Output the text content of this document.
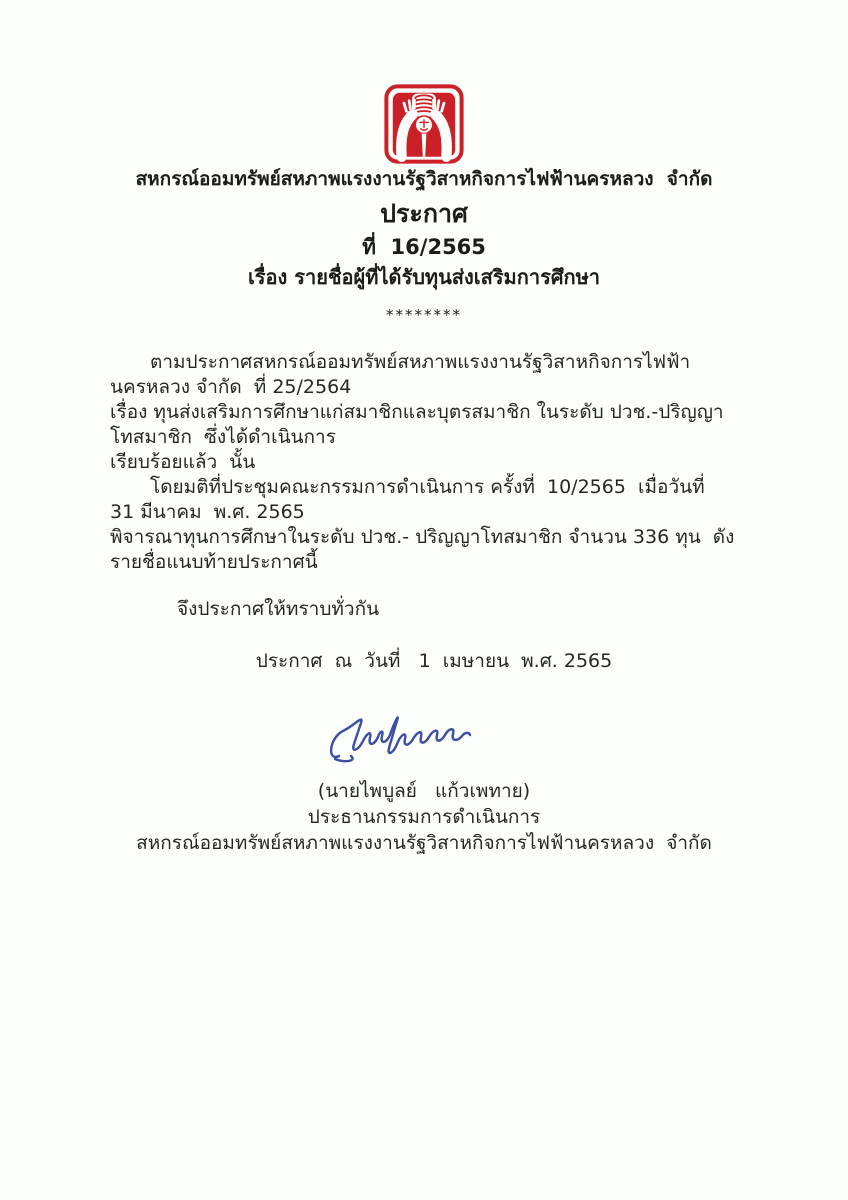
สหกรณ์ออมทรัพย์สหภาพแรงงานรัฐวิสาหกิจการไฟฟ้านครหลวง  จำกัด
ประกาศ
ที่  16/2565
เรื่อง รายชื่อผู้ที่ได้รับทุนส่งเสริมการศึกษา
********
ตามประกาศสหกรณ์ออมทรัพย์สหภาพแรงงานรัฐวิสาหกิจการไฟฟ้านครหลวง จำกัด  ที่ 25/2564
เรื่อง ทุนส่งเสริมการศึกษาแก่สมาชิกและบุตรสมาชิก ในระดับ ปวช.-ปริญญาโทสมาชิก  ซึ่งได้ดำเนินการ
เรียบร้อยแล้ว  นั้น
โดยมติที่ประชุมคณะกรรมการดำเนินการ ครั้งที่  10/2565  เมื่อวันที่  31 มีนาคม  พ.ศ. 2565
พิจารณาทุนการศึกษาในระดับ ปวช.- ปริญญาโทสมาชิก จำนวน 336 ทุน  ดังรายชื่อแนบท้ายประกาศนี้
จึงประกาศให้ทราบทั่วกัน
ประกาศ  ณ  วันที่   1  เมษายน  พ.ศ. 2565
(นายไพบูลย์   แก้วเพทาย)
ประธานกรรมการดำเนินการ
สหกรณ์ออมทรัพย์สหภาพแรงงานรัฐวิสาหกิจการไฟฟ้านครหลวง  จำกัด
